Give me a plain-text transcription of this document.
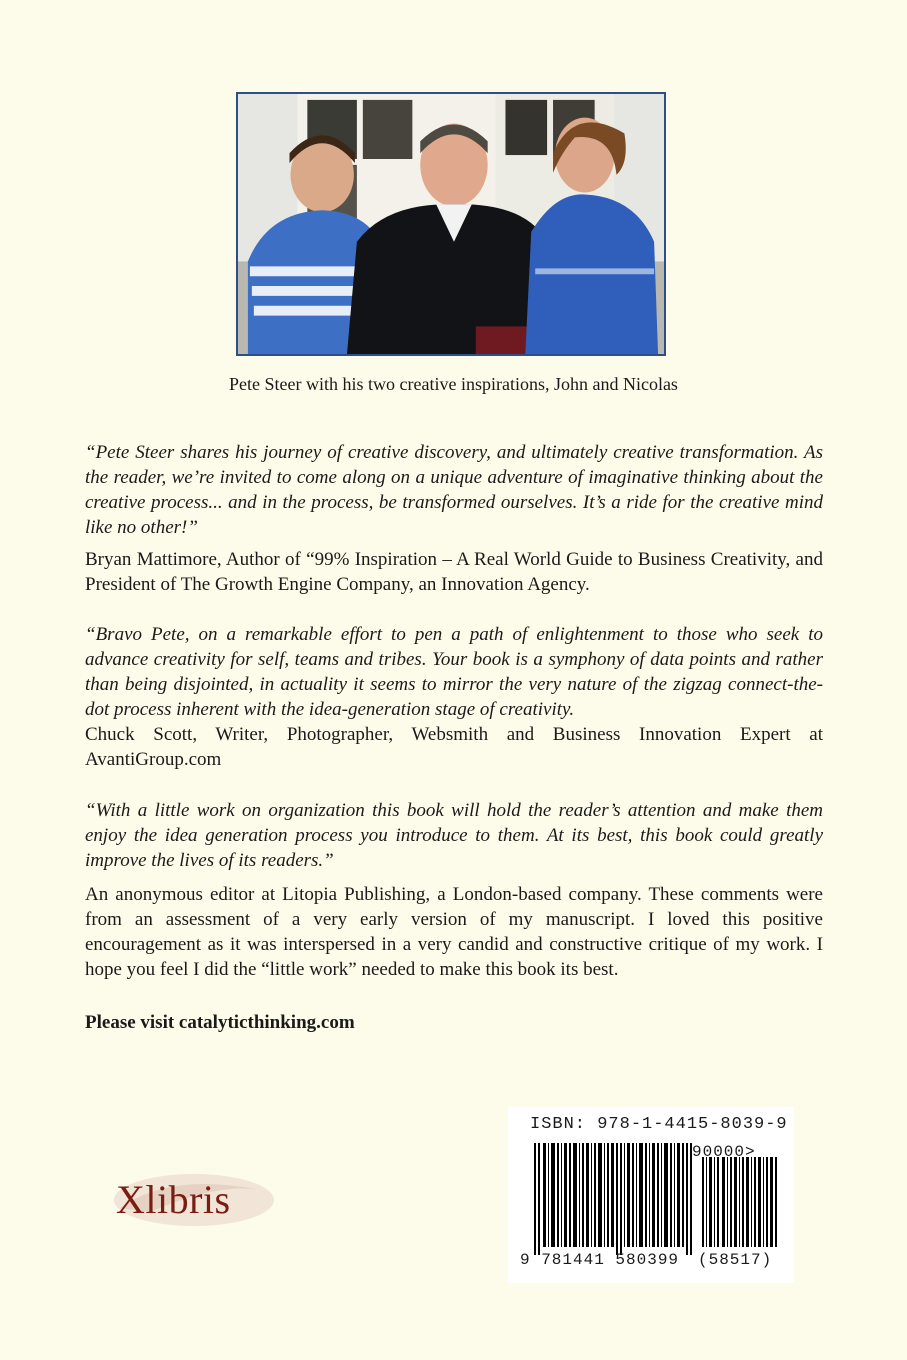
Pete Steer with his two creative inspirations, John and Nicolas
“Pete Steer shares his journey of creative discovery, and ultimately creative transformation. As the reader, we’re invited to come along on a unique adventure of imaginative thinking about the creative process... and in the process, be transformed ourselves. It’s a ride for the creative mind like no other!”
Bryan Mattimore, Author of “99% Inspiration – A Real World Guide to Business Creativity, and President of The Growth Engine Company, an Innovation Agency.
“Bravo Pete, on a remarkable effort to pen a path of enlightenment to those who seek to advance creativity for self, teams and tribes. Your book is a symphony of data points and rather than being disjointed, in actuality it seems to mirror the very nature of the zigzag connect-the-dot process inherent with the idea-generation stage of creativity.
Chuck Scott, Writer, Photographer, Websmith and Business Innovation Expert at AvantiGroup.com
“With a little work on organization this book will hold the reader’s attention and make them enjoy the idea generation process you introduce to them. At its best, this book could greatly improve the lives of its readers.”
An anonymous editor at Litopia Publishing, a London-based company. These comments were from an assessment of a very early version of my manuscript. I loved this positive encouragement as it was interspersed in a very candid and constructive critique of my work. I hope you feel I did the “little work” needed to make this book its best.
Please visit catalyticthinking.com
Xlibris
ISBN: 978-1-4415-8039-9
90000>
9 781441 580399 (58517)
